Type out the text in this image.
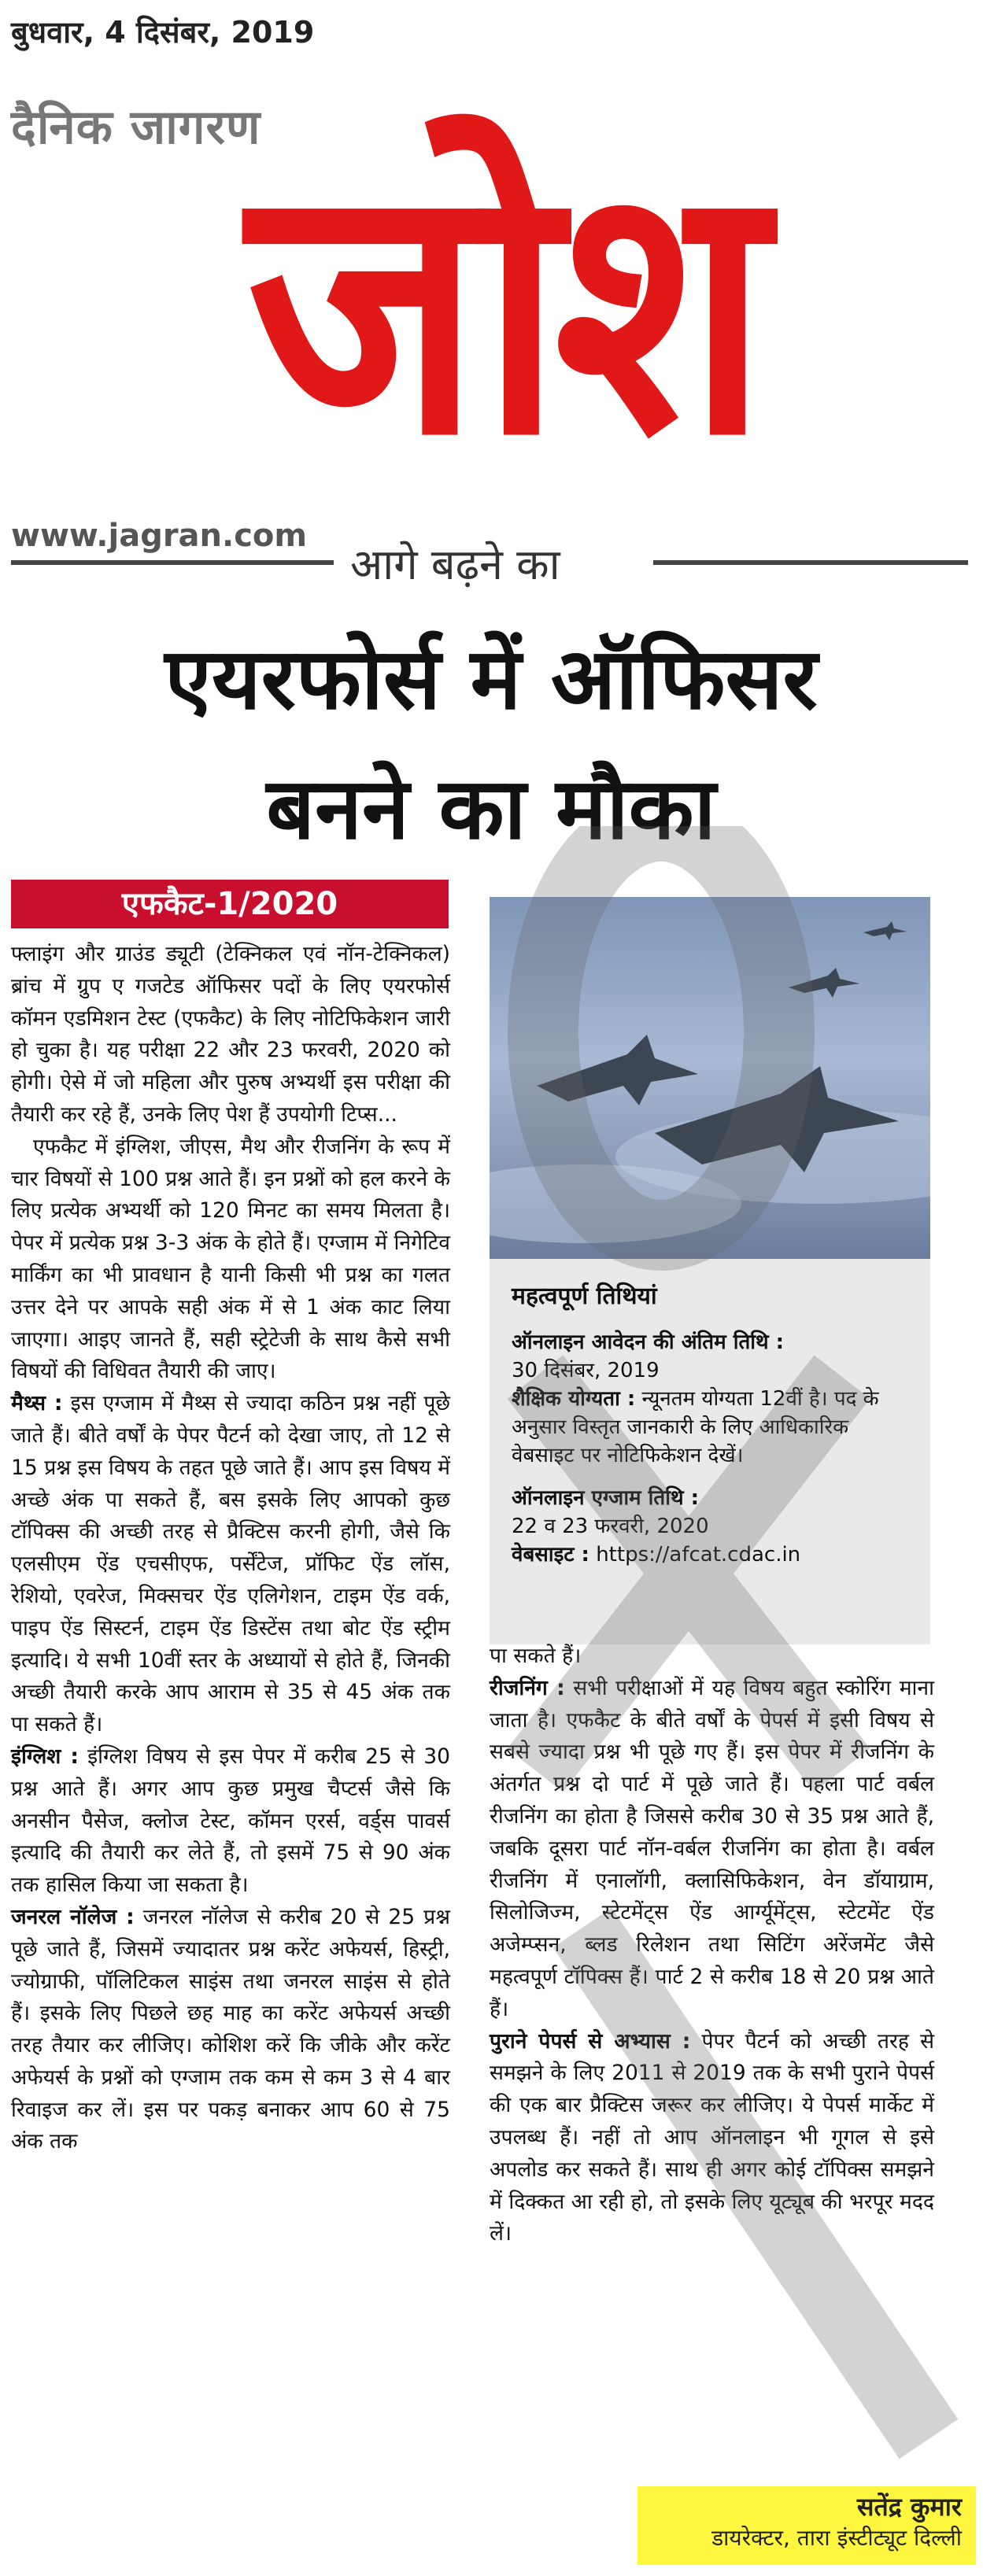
बुधवार, 4 दिसंबर, 2019
दैनिक जागरण
जोश
www.jagran.com
आगे बढ़ने का
एयरफोर्स में ऑफिसर
बनने का मौका
एफकैट-1/2020

फ्लाइंग और ग्राउंड ड्यूटी (टेक्निकल एवं नॉन-टेक्निकल) ब्रांच में ग्रुप ए गजटेड ऑफिसर पदों के लिए एयरफोर्स कॉमन एडमिशन टेस्ट (एफकैट) के लिए नोटिफिकेशन जारी हो चुका है। यह परीक्षा 22 और 23 फरवरी, 2020 को होगी। ऐसे में जो महिला और पुरुष अभ्यर्थी इस परीक्षा की तैयारी कर रहे हैं, उनके लिए पेश हैं उपयोगी टिप्स...

एफकैट में इंग्लिश, जीएस, मैथ और रीजनिंग के रूप में चार विषयों से 100 प्रश्न आते हैं। इन प्रश्नों को हल करने के लिए प्रत्येक अभ्यर्थी को 120 मिनट का समय मिलता है। पेपर में प्रत्येक प्रश्न 3-3 अंक के होते हैं। एग्जाम में निगेटिव मार्किंग का भी प्रावधान है यानी किसी भी प्रश्न का गलत उत्तर देने पर आपके सही अंक में से 1 अंक काट लिया जाएगा। आइए जानते हैं, सही स्ट्रेटेजी के साथ कैसे सभी विषयों की विधिवत तैयारी की जाए।

मैथ्स : इस एग्जाम में मैथ्स से ज्यादा कठिन प्रश्न नहीं पूछे जाते हैं। बीते वर्षों के पेपर पैटर्न को देखा जाए, तो 12 से 15 प्रश्न इस विषय के तहत पूछे जाते हैं। आप इस विषय में अच्छे अंक पा सकते हैं, बस इसके लिए आपको कुछ टॉपिक्स की अच्छी तरह से प्रैक्टिस करनी होगी, जैसे कि एलसीएम ऐंड एचसीएफ, पर्सेंटेज, प्रॉफिट ऐंड लॉस, रेशियो, एवरेज, मिक्सचर ऐंड एलिगेशन, टाइम ऐंड वर्क, पाइप ऐंड सिस्टर्न, टाइम ऐंड डिस्टेंस तथा बोट ऐंड स्ट्रीम इत्यादि। ये सभी 10वीं स्तर के अध्यायों से होते हैं, जिनकी अच्छी तैयारी करके आप आराम से 35 से 45 अंक तक पा सकते हैं।

इंग्लिश : इंग्लिश विषय से इस पेपर में करीब 25 से 30 प्रश्न आते हैं। अगर आप कुछ प्रमुख चैप्टर्स जैसे कि अनसीन पैसेज, क्लोज टेस्ट, कॉमन एरर्स, वर्ड्स पावर्स इत्यादि की तैयारी कर लेते हैं, तो इसमें 75 से 90 अंक तक हासिल किया जा सकता है।

जनरल नॉलेज : जनरल नॉलेज से करीब 20 से 25 प्रश्न पूछे जाते हैं, जिसमें ज्यादातर प्रश्न करेंट अफेयर्स, हिस्ट्री, ज्योग्राफी, पॉलिटिकल साइंस तथा जनरल साइंस से होते हैं। इसके लिए पिछले छह माह का करेंट अफेयर्स अच्छी तरह तैयार कर लीजिए। कोशिश करें कि जीके और करेंट अफेयर्स के प्रश्नों को एग्जाम तक कम से कम 3 से 4 बार रिवाइज कर लें। इस पर पकड़ बनाकर आप 60 से 75 अंक तक

महत्वपूर्ण तिथियां

ऑनलाइन आवेदन की अंतिम तिथि :

30 दिसंबर, 2019

शैक्षिक योग्यता : न्यूनतम योग्यता 12वीं है। पद के अनुसार विस्तृत जानकारी के लिए आधिकारिक वेबसाइट पर नोटिफिकेशन देखें।

ऑनलाइन एग्जाम तिथि :

22 व 23 फरवरी, 2020

वेबसाइट : https://afcat.cdac.in

पा सकते हैं।

रीजनिंग : सभी परीक्षाओं में यह विषय बहुत स्कोरिंग माना जाता है। एफकैट के बीते वर्षों के पेपर्स में इसी विषय से सबसे ज्यादा प्रश्न भी पूछे गए हैं। इस पेपर में रीजनिंग के अंतर्गत प्रश्न दो पार्ट में पूछे जाते हैं। पहला पार्ट वर्बल रीजनिंग का होता है जिससे करीब 30 से 35 प्रश्न आते हैं, जबकि दूसरा पार्ट नॉन-वर्बल रीजनिंग का होता है। वर्बल रीजनिंग में एनालॉगी, क्लासिफिकेशन, वेन डॉयाग्राम, सिलोजिज्म, स्टेटमेंट्स ऐंड आर्ग्यूमेंट्स, स्टेटमेंट ऐंड अजेम्प्सन, ब्लड रिलेशन तथा सिटिंग अरेंजमेंट जैसे महत्वपूर्ण टॉपिक्स हैं। पार्ट 2 से करीब 18 से 20 प्रश्न आते हैं।

पुराने पेपर्स से अभ्यास : पेपर पैटर्न को अच्छी तरह से समझने के लिए 2011 से 2019 तक के सभी पुराने पेपर्स की एक बार प्रैक्टिस जरूर कर लीजिए। ये पेपर्स मार्केट में उपलब्ध हैं। नहीं तो आप ऑनलाइन भी गूगल से इसे अपलोड कर सकते हैं। साथ ही अगर कोई टॉपिक्स समझने में दिक्कत आ रही हो, तो इसके लिए यूट्यूब की भरपूर मदद लें।

सतेंद्र कुमार
डायरेक्टर, तारा इंस्टीट्यूट दिल्ली
